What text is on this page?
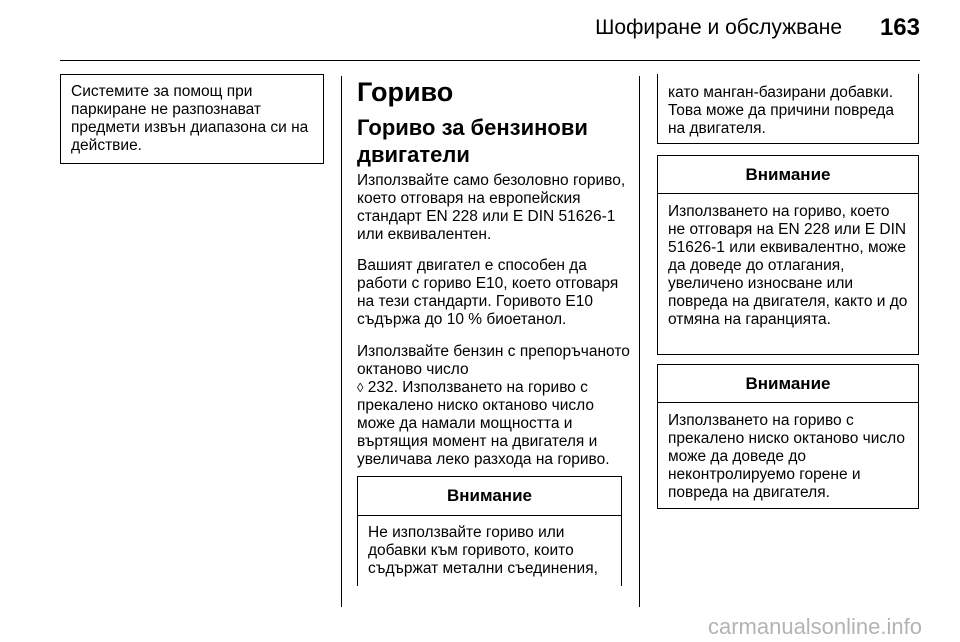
Шофиране и обслужване 163
Системите за помощ при паркиране не разпознават предмети извън диапазона си на действие.
Гориво
Гориво за бензинови двигатели

Използвайте само безоловно гориво, което отговаря на европейския стандарт EN 228 или E DIN 51626-1 или еквивалентен.

Вашият двигател е способен да работи с гориво E10, което отговаря на тези стандарти. Горивото E10 съдържа до 10 % биоетанол.

Използвайте бензин с препоръчаното октаново число
◊ 232. Използването на гориво с прекалено ниско октаново число може да намали мощността и въртящия момент на двигателя и увеличава леко разхода на гориво.

Внимание
Не използвайте гориво или добавки към горивото, които съдържат метални съединения,
като манган-базирани добавки. Това може да причини повреда на двигателя.
Внимание
Използването на гориво, което не отговаря на EN 228 или E DIN 51626-1 или еквивалентно, може да доведе до отлагания, увеличено износване или повреда на двигателя, както и до отмяна на гаранцията.
Внимание
Използването на гориво с прекалено ниско октаново число може да доведе до неконтролируемо горене и повреда на двигателя.
carmanualsonline.info
